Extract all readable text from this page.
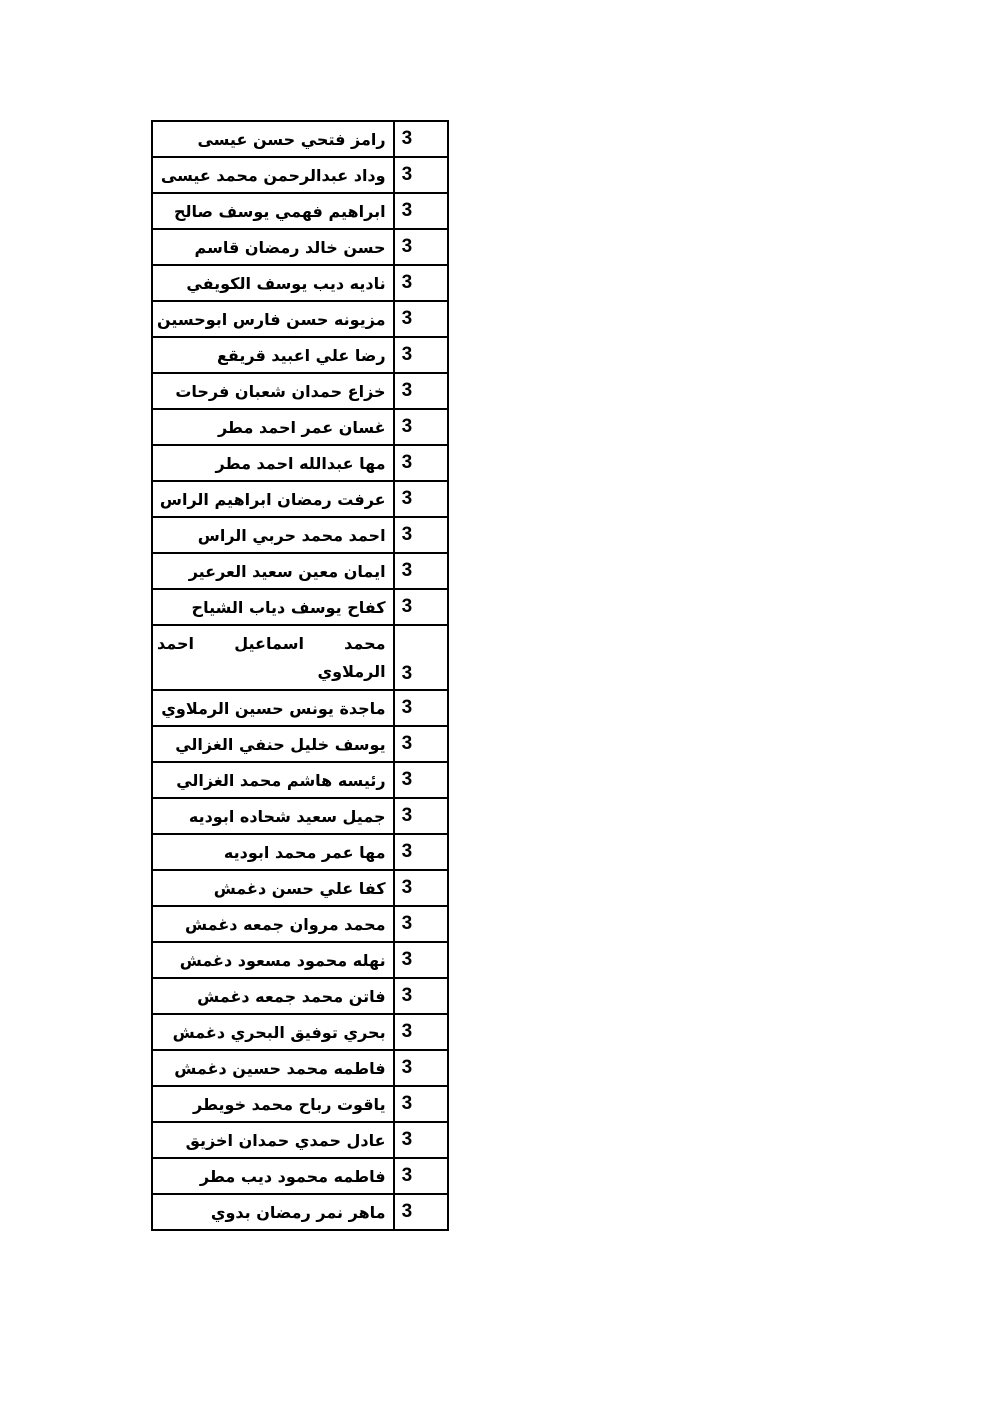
رامز فتحي حسن عيسى	3
وداد عبدالرحمن محمد عيسى	3
ابراهيم فهمي يوسف صالح	3
حسن خالد رمضان قاسم	3
ناديه ديب يوسف الكويفي	3
مزيونه حسن فارس ابوحسين	3
رضا علي اعبيد قريقع	3
خزاع حمدان شعبان فرحات	3
غسان عمر احمد مطر	3
مها عبدالله احمد مطر	3
عرفت رمضان ابراهيم الراس	3
احمد محمد حربي الراس	3
ايمان معين سعيد العرعير	3
كفاح يوسف دياب الشياح	3
محمد اسماعيل احمد الرملاوي	3
ماجدة يونس حسين الرملاوي	3
يوسف خليل حنفي الغزالي	3
رئيسه هاشم محمد الغزالي	3
جميل سعيد شحاده ابوديه	3
مها عمر محمد ابوديه	3
كفا علي حسن دغمش	3
محمد مروان جمعه دغمش	3
نهله محمود مسعود دغمش	3
فاتن محمد جمعه دغمش	3
بحري توفيق البحري دغمش	3
فاطمه محمد حسين دغمش	3
ياقوت رباح محمد خويطر	3
عادل حمدي حمدان اخزيق	3
فاطمه محمود ديب مطر	3
ماهر نمر رمضان بدوي	3
